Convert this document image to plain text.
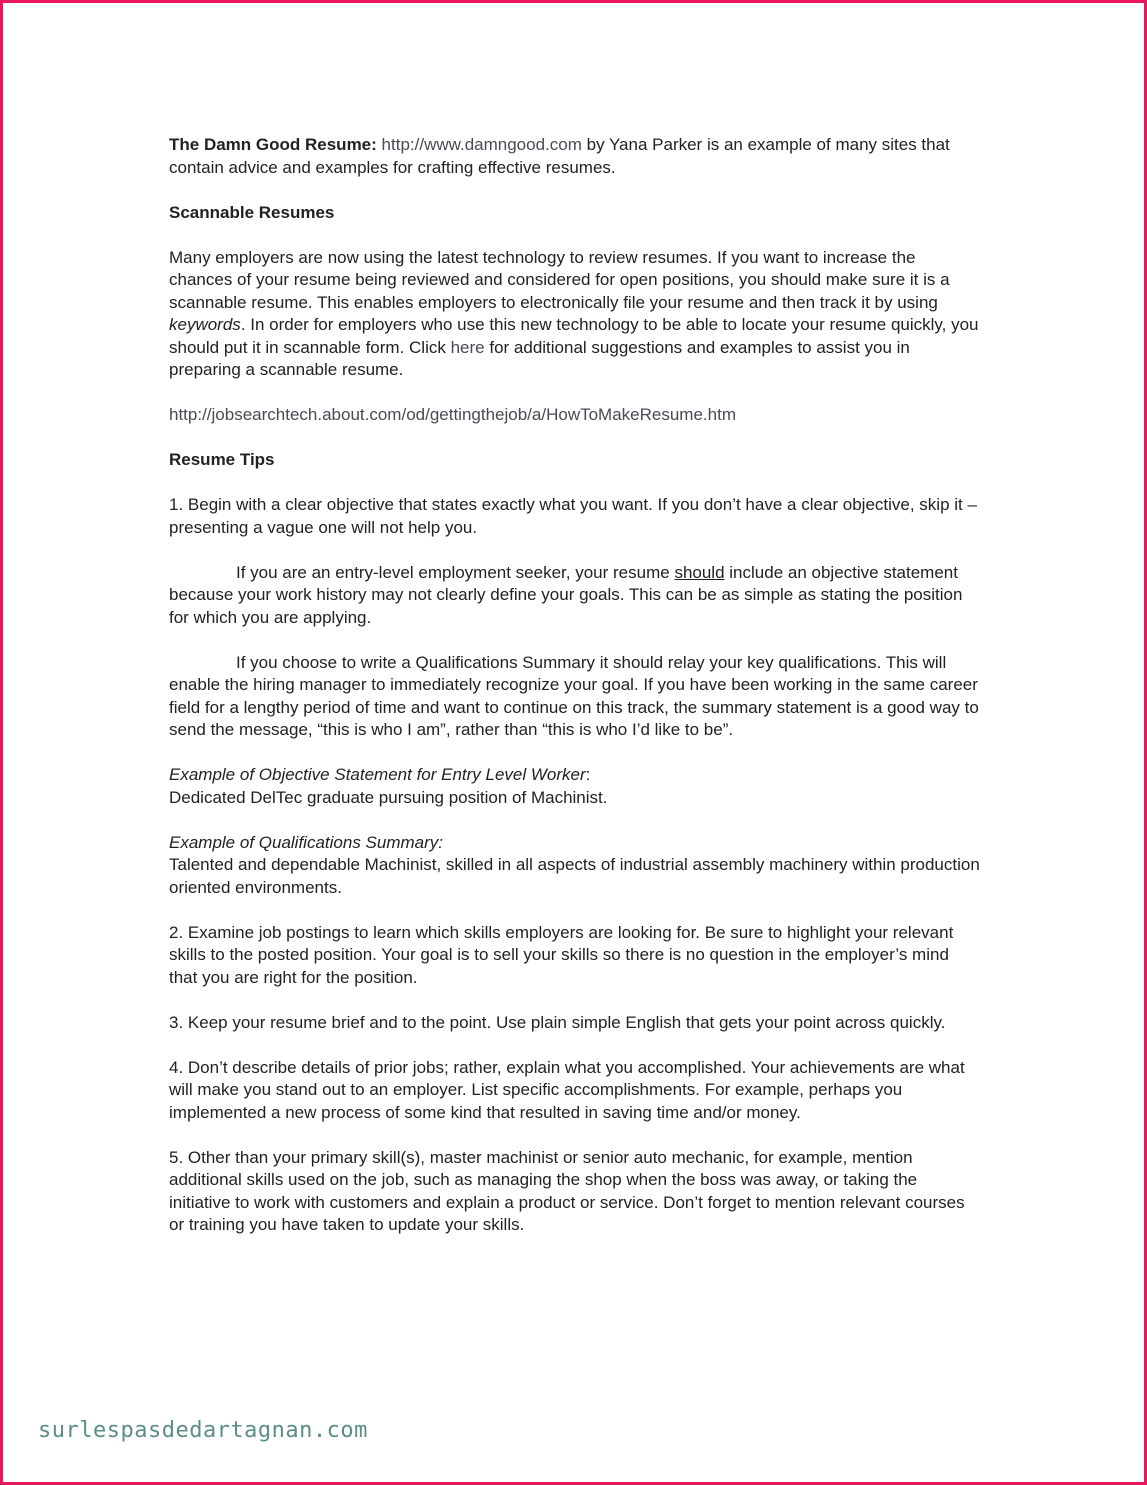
The Damn Good Resume: http://www.damngood.com by Yana Parker is an example of many sites that contain advice and examples for crafting effective resumes.

Scannable Resumes

Many employers are now using the latest technology to review resumes. If you want to increase the chances of your resume being reviewed and considered for open positions, you should make sure it is a scannable resume. This enables employers to electronically file your resume and then track it by using keywords. In order for employers who use this new technology to be able to locate your resume quickly, you should put it in scannable form. Click here for additional suggestions and examples to assist you in preparing a scannable resume.

http://jobsearchtech.about.com/od/gettingthejob/a/HowToMakeResume.htm

Resume Tips

1. Begin with a clear objective that states exactly what you want. If you don’t have a clear objective, skip it – presenting a vague one will not help you.

If you are an entry-level employment seeker, your resume should include an objective statement because your work history may not clearly define your goals. This can be as simple as stating the position for which you are applying.

If you choose to write a Qualifications Summary it should relay your key qualifications. This will enable the hiring manager to immediately recognize your goal. If you have been working in the same career field for a lengthy period of time and want to continue on this track, the summary statement is a good way to send the message, “this is who I am”, rather than “this is who I’d like to be”.

Example of Objective Statement for Entry Level Worker:
Dedicated DelTec graduate pursuing position of Machinist.

Example of Qualifications Summary:
Talented and dependable Machinist, skilled in all aspects of industrial assembly machinery within production oriented environments.

2. Examine job postings to learn which skills employers are looking for. Be sure to highlight your relevant skills to the posted position. Your goal is to sell your skills so there is no question in the employer’s mind that you are right for the position.

3. Keep your resume brief and to the point. Use plain simple English that gets your point across quickly.

4. Don’t describe details of prior jobs; rather, explain what you accomplished. Your achievements are what will make you stand out to an employer. List specific accomplishments. For example, perhaps you implemented a new process of some kind that resulted in saving time and/or money.

5. Other than your primary skill(s), master machinist or senior auto mechanic, for example, mention additional skills used on the job, such as managing the shop when the boss was away, or taking the initiative to work with customers and explain a product or service. Don’t forget to mention relevant courses or training you have taken to update your skills.

surlespasdedartagnan.com
